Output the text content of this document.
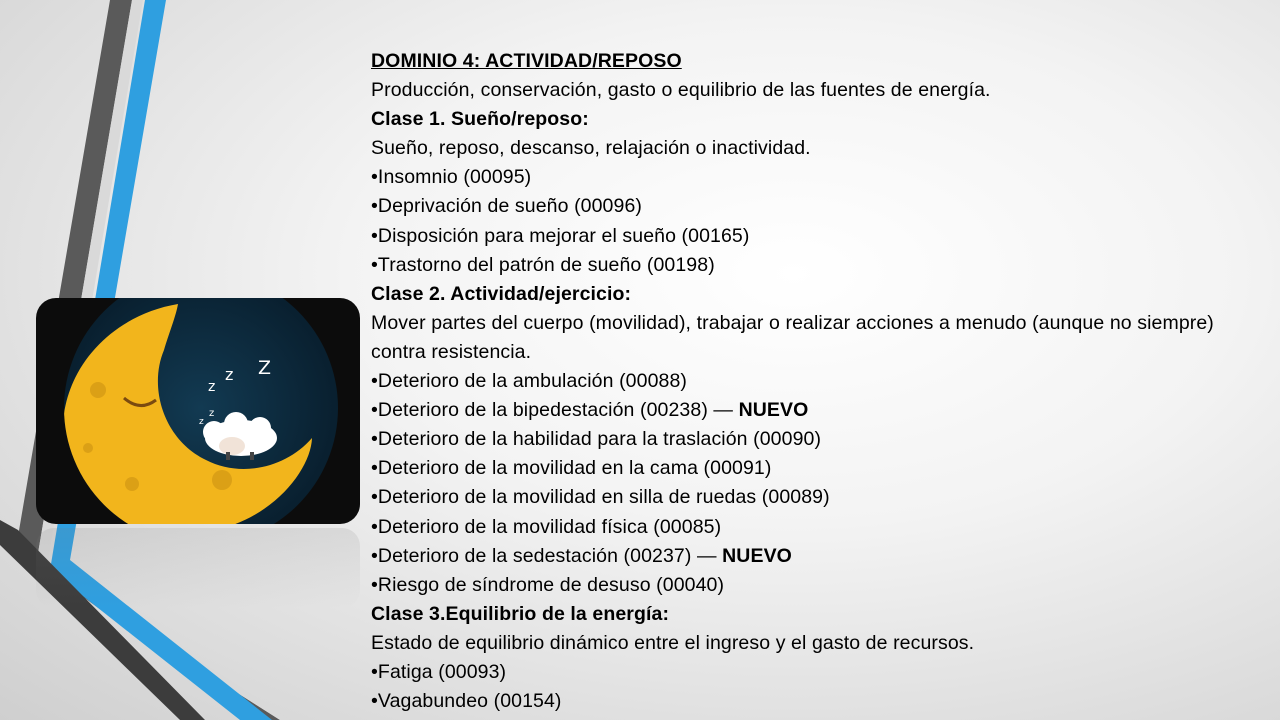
z
z
z
z Z
DOMINIO 4: ACTIVIDAD/REPOSO
Producción, conservación, gasto o equilibrio de las fuentes de energía.
Clase 1. Sueño/reposo:
Sueño, reposo, descanso, relajación o inactividad.
•Insomnio (00095)
•Deprivación de sueño (00096)
•Disposición para mejorar el sueño (00165)
•Trastorno del patrón de sueño (00198)
Clase 2. Actividad/ejercicio:
Mover partes del cuerpo (movilidad), trabajar o realizar acciones a menudo (aunque no siempre) contra resistencia.
•Deterioro de la ambulación (00088)
•Deterioro de la bipedestación (00238) — NUEVO
•Deterioro de la habilidad para la traslación (00090)
•Deterioro de la movilidad en la cama (00091)
•Deterioro de la movilidad en silla de ruedas (00089)
•Deterioro de la movilidad física (00085)
•Deterioro de la sedestación (00237) — NUEVO
•Riesgo de síndrome de desuso (00040)
Clase 3.Equilibrio de la energía:
Estado de equilibrio dinámico entre el ingreso y el gasto de recursos.
•Fatiga (00093)
•Vagabundeo (00154)
